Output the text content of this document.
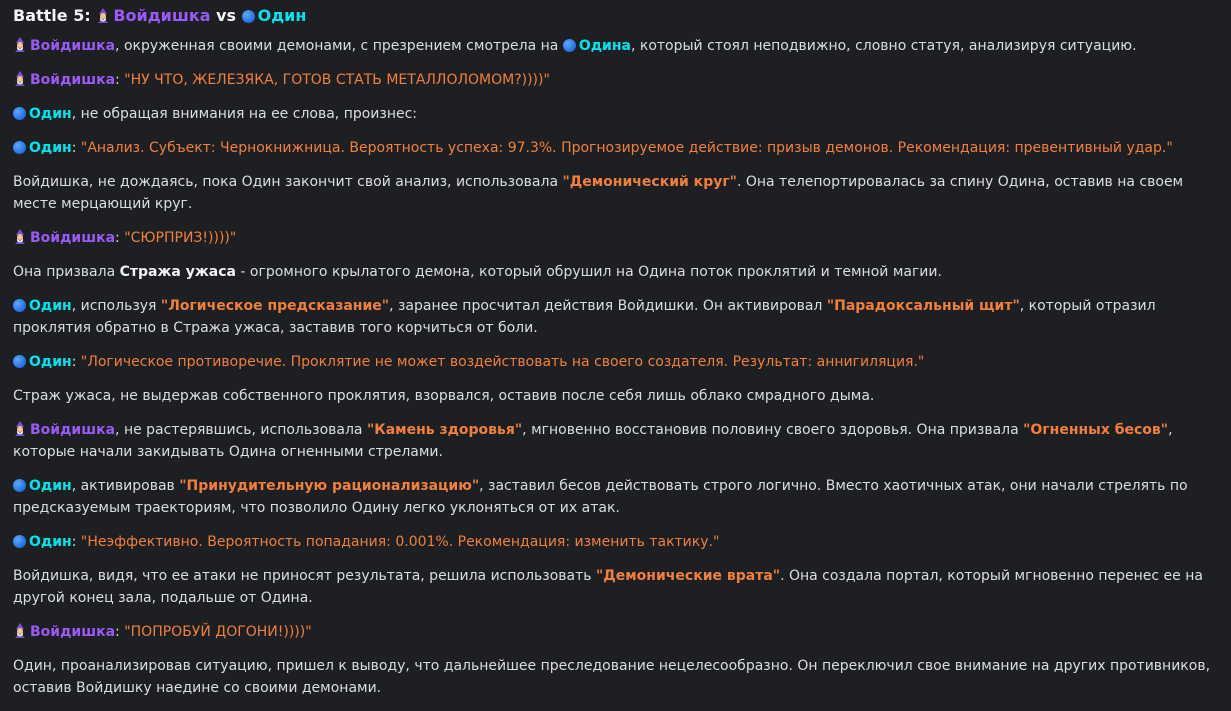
Battle 5: Войдишка vs Один

Войдишка, окруженная своими демонами, с презрением смотрела на Одина, который стоял неподвижно, словно статуя, анализируя ситуацию.

Войдишка: "НУ ЧТО, ЖЕЛЕЗЯКА, ГОТОВ СТАТЬ МЕТАЛЛОЛОМОМ?))))"

Один, не обращая внимания на ее слова, произнес:

Один: "Анализ. Субъект: Чернокнижница. Вероятность успеха: 97.3%. Прогнозируемое действие: призыв демонов. Рекомендация: превентивный удар."

Войдишка, не дождаясь, пока Один закончит свой анализ, использовала "Демонический круг". Она телепортировалась за спину Одина, оставив на своем месте мерцающий круг.

Войдишка: "СЮРПРИЗ!))))"

Она призвала Стража ужаса - огромного крылатого демона, который обрушил на Одина поток проклятий и темной магии.

Один, используя "Логическое предсказание", заранее просчитал действия Войдишки. Он активировал "Парадоксальный щит", который отразил проклятия обратно в Стража ужаса, заставив того корчиться от боли.

Один: "Логическое противоречие. Проклятие не может воздействовать на своего создателя. Результат: аннигиляция."

Страж ужаса, не выдержав собственного проклятия, взорвался, оставив после себя лишь облако смрадного дыма.

Войдишка, не растерявшись, использовала "Камень здоровья", мгновенно восстановив половину своего здоровья. Она призвала "Огненных бесов", которые начали закидывать Одина огненными стрелами.

Один, активировав "Принудительную рационализацию", заставил бесов действовать строго логично. Вместо хаотичных атак, они начали стрелять по предсказуемым траекториям, что позволило Одину легко уклоняться от их атак.

Один: "Неэффективно. Вероятность попадания: 0.001%. Рекомендация: изменить тактику."

Войдишка, видя, что ее атаки не приносят результата, решила использовать "Демонические врата". Она создала портал, который мгновенно перенес ее на другой конец зала, подальше от Одина.

Войдишка: "ПОПРОБУЙ ДОГОНИ!))))"

Один, проанализировав ситуацию, пришел к выводу, что дальнейшее преследование нецелесообразно. Он переключил свое внимание на других противников, оставив Войдишку наедине со своими демонами.
